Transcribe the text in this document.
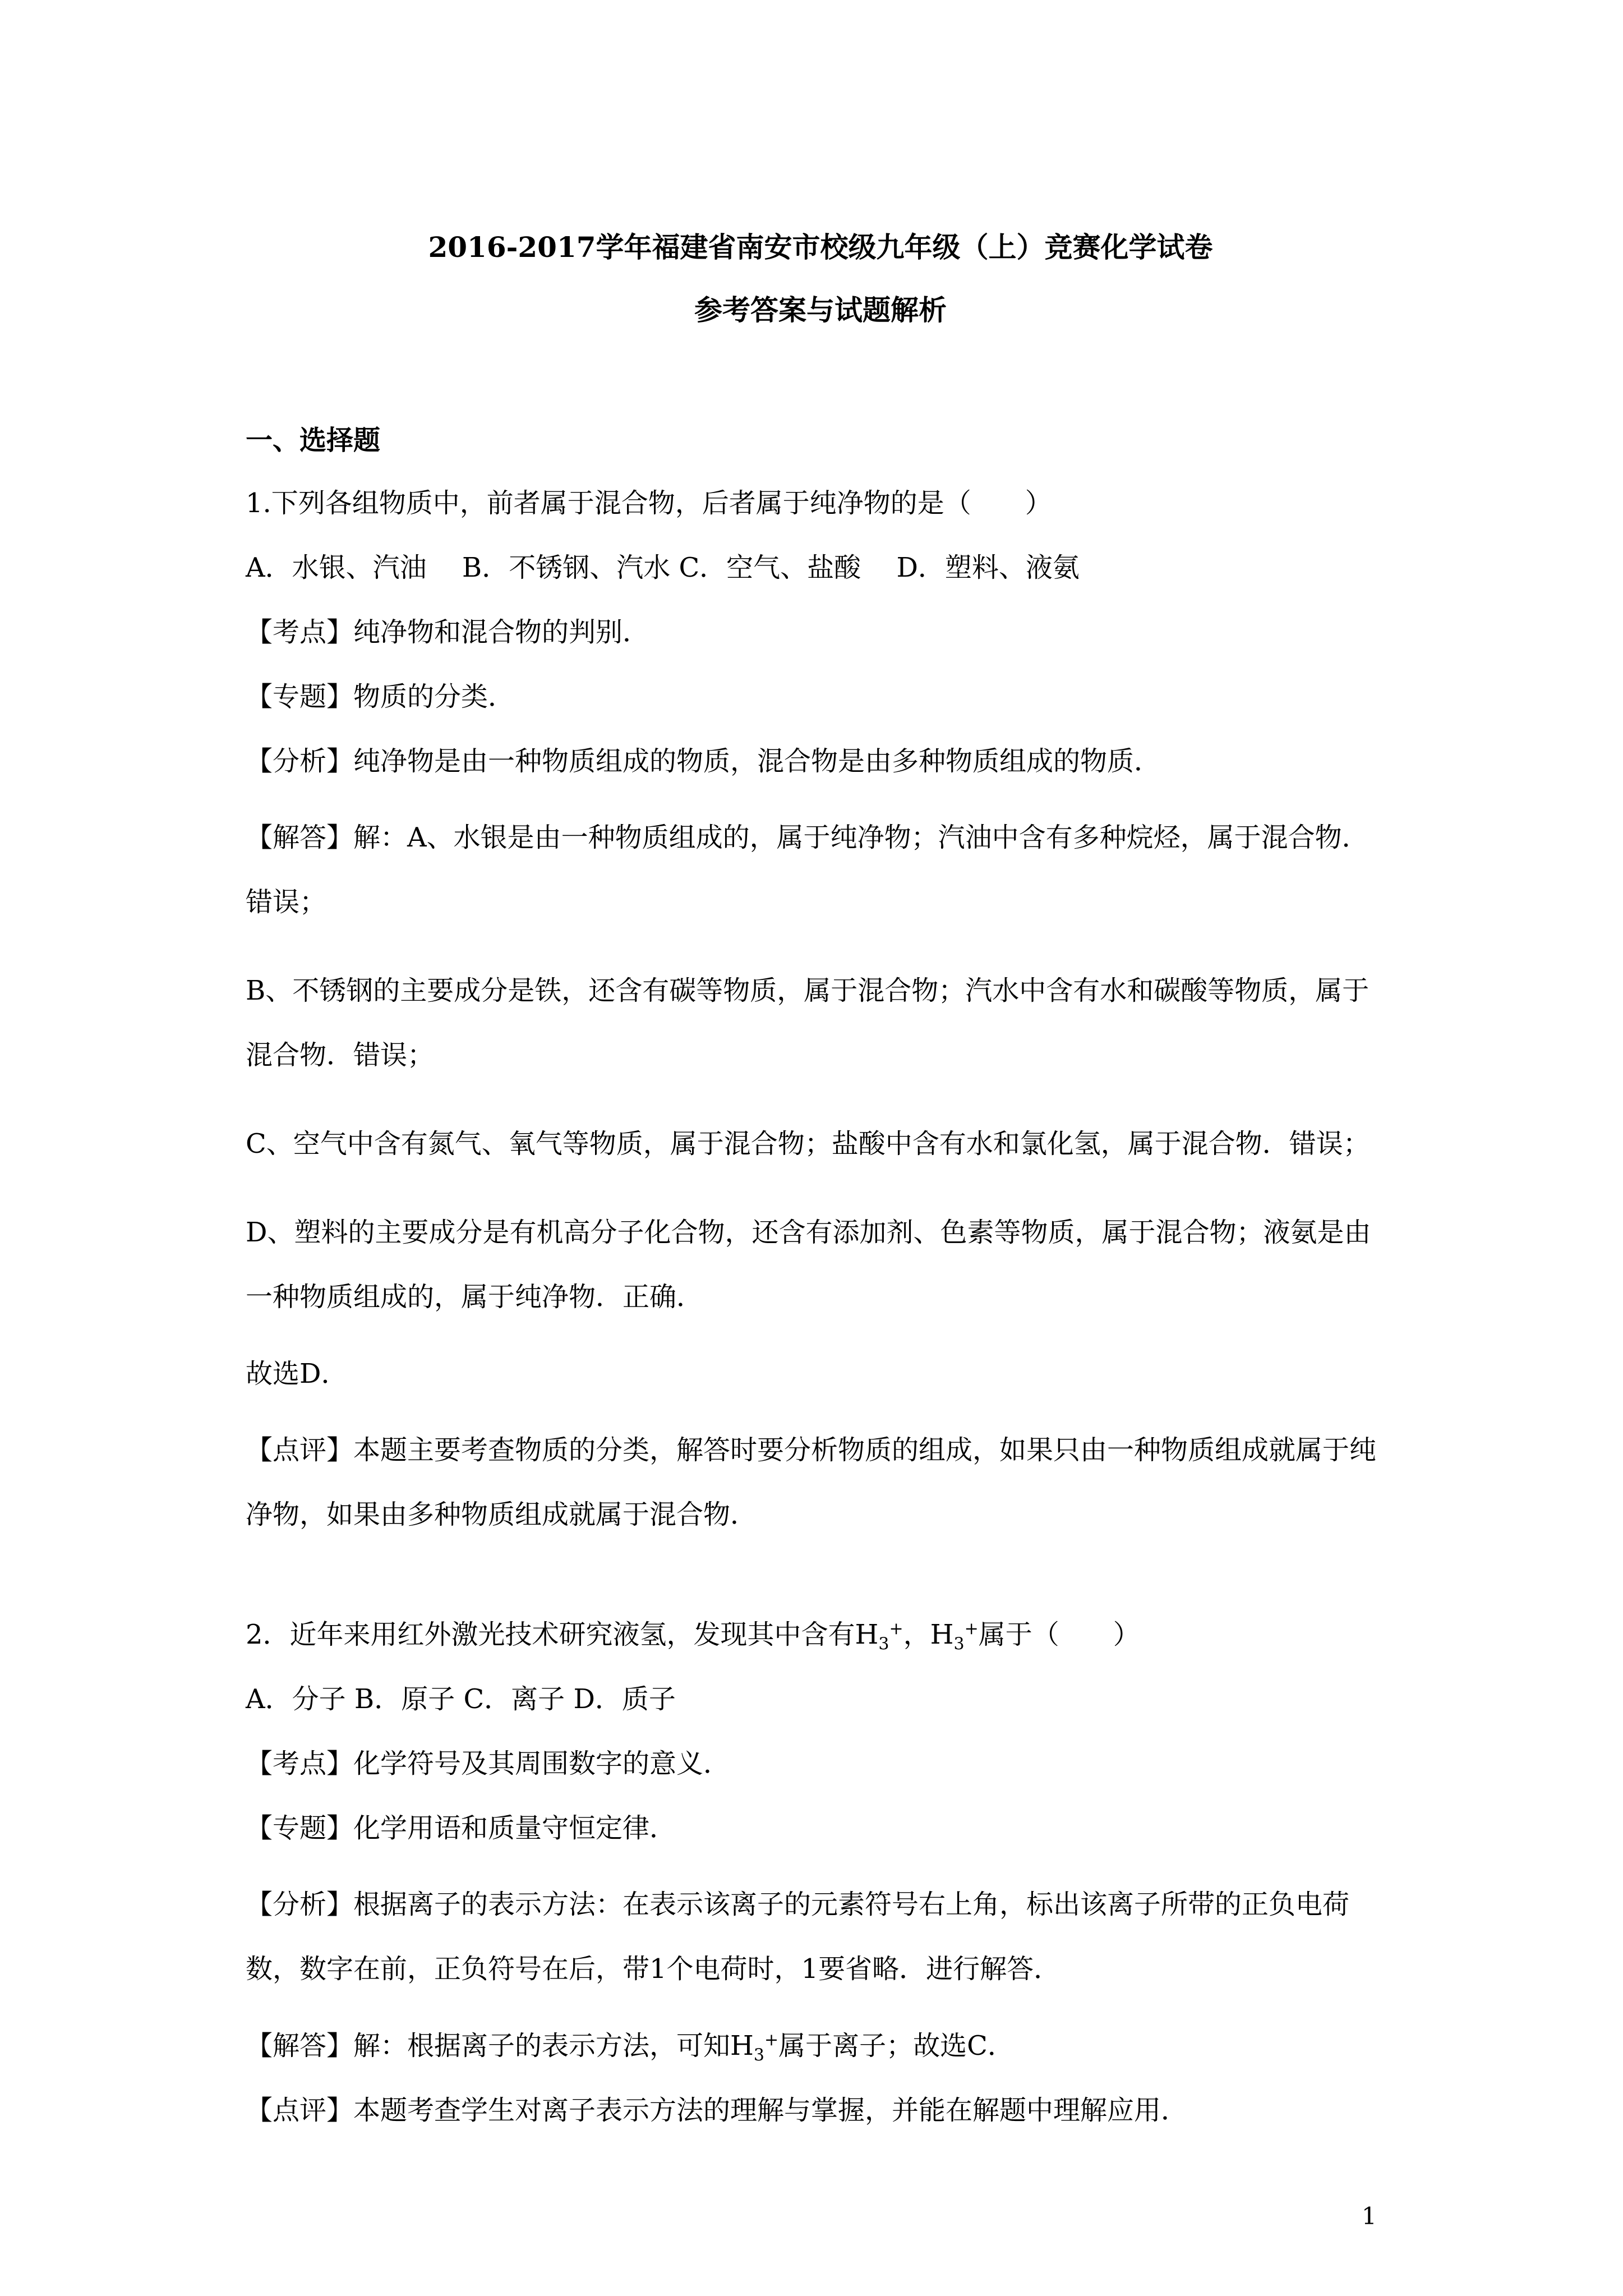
2016-2017学年福建省南安市校级九年级（上）竞赛化学试卷
参考答案与试题解析
一、选择题
1.下列各组物质中，前者属于混合物，后者属于纯净物的是（　　）
A．水银、汽油　 B．不锈钢、汽水 C．空气、盐酸　 D．塑料、液氨
【考点】纯净物和混合物的判别．
【专题】物质的分类．
【分析】纯净物是由一种物质组成的物质，混合物是由多种物质组成的物质．
【解答】解：A、水银是由一种物质组成的，属于纯净物；汽油中含有多种烷烃，属于混合物．错误；
B、不锈钢的主要成分是铁，还含有碳等物质，属于混合物；汽水中含有水和碳酸等物质，属于混合物．错误；
C、空气中含有氮气、氧气等物质，属于混合物；盐酸中含有水和氯化氢，属于混合物．错误；
D、塑料的主要成分是有机高分子化合物，还含有添加剂、色素等物质，属于混合物；液氨是由一种物质组成的，属于纯净物．正确．
故选D．
【点评】本题主要考查物质的分类，解答时要分析物质的组成，如果只由一种物质组成就属于纯净物，如果由多种物质组成就属于混合物．
2．近年来用红外激光技术研究液氢，发现其中含有$H_3^+$，$H_3^+$属于（　　）
A．分子 B．原子 C．离子 D．质子
【考点】化学符号及其周围数字的意义．
【专题】化学用语和质量守恒定律．
【分析】根据离子的表示方法：在表示该离子的元素符号右上角，标出该离子所带的正负电荷数，数字在前，正负符号在后，带1个电荷时，1要省略．进行解答．
【解答】解：根据离子的表示方法，可知$H_3^+$属于离子；故选C．
【点评】本题考查学生对离子表示方法的理解与掌握，并能在解题中理解应用．
1
